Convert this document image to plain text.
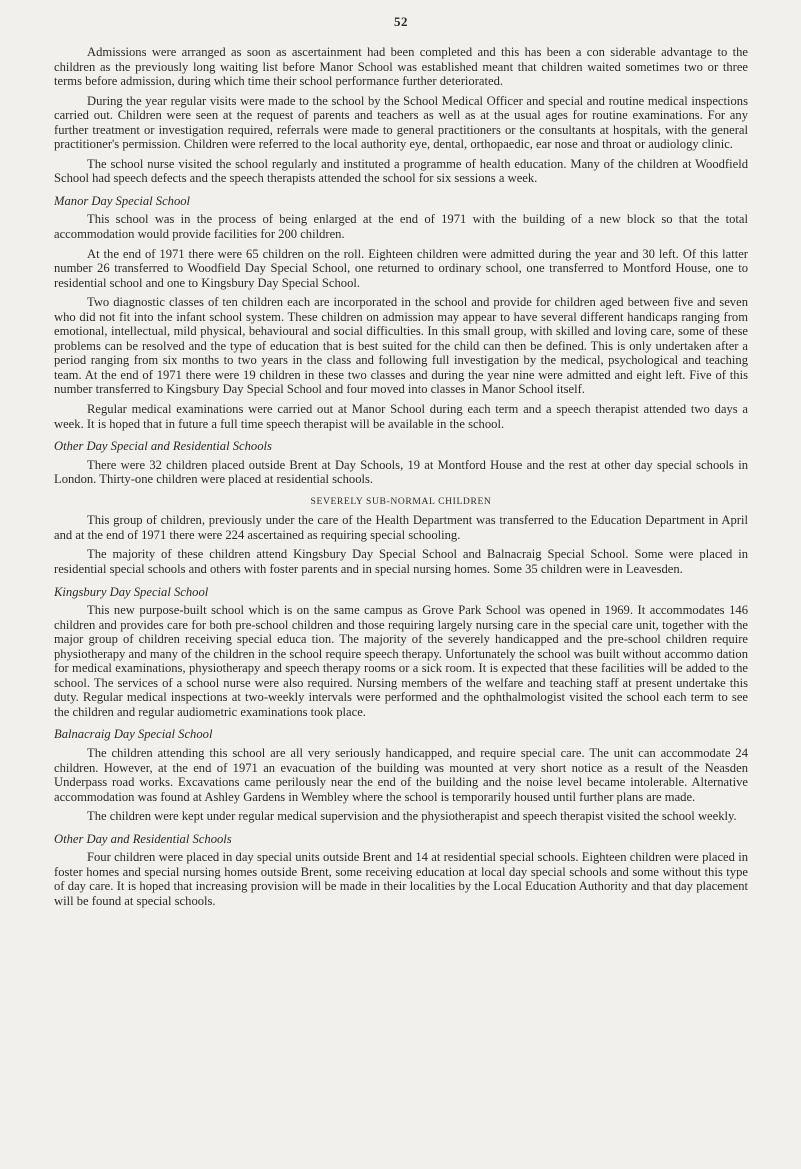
52

Admissions were arranged as soon as ascertainment had been completed and this has been a con siderable advantage to the children as the previously long waiting list before Manor School was established meant that children waited sometimes two or three terms before admission, during which time their school performance further deteriorated.

During the year regular visits were made to the school by the School Medical Officer and special and routine medical inspections carried out. Children were seen at the request of parents and teachers as well as at the usual ages for routine examinations. For any further treatment or investigation required, referrals were made to general practitioners or the consultants at hospitals, with the general practitioner's permission. Children were referred to the local authority eye, dental, orthopaedic, ear nose and throat or audiology clinic.

The school nurse visited the school regularly and instituted a programme of health education. Many of the children at Woodfield School had speech defects and the speech therapists attended the school for six sessions a week.

Manor Day Special School

This school was in the process of being enlarged at the end of 1971 with the building of a new block so that the total accommodation would provide facilities for 200 children.

At the end of 1971 there were 65 children on the roll. Eighteen children were admitted during the year and 30 left. Of this latter number 26 transferred to Woodfield Day Special School, one returned to ordinary school, one transferred to Montford House, one to residential school and one to Kingsbury Day Special School.

Two diagnostic classes of ten children each are incorporated in the school and provide for children aged between five and seven who did not fit into the infant school system. These children on admission may appear to have several different handicaps ranging from emotional, intellectual, mild physical, behavioural and social difficulties. In this small group, with skilled and loving care, some of these problems can be resolved and the type of education that is best suited for the child can then be defined. This is only undertaken after a period ranging from six months to two years in the class and following full investigation by the medical, psychological and teaching team. At the end of 1971 there were 19 children in these two classes and during the year nine were admitted and eight left. Five of this number transferred to Kingsbury Day Special School and four moved into classes in Manor School itself.

Regular medical examinations were carried out at Manor School during each term and a speech therapist attended two days a week. It is hoped that in future a full time speech therapist will be available in the school.

Other Day Special and Residential Schools

There were 32 children placed outside Brent at Day Schools, 19 at Montford House and the rest at other day special schools in London. Thirty-one children were placed at residential schools.

SEVERELY SUB-NORMAL CHILDREN

This group of children, previously under the care of the Health Department was transferred to the Education Department in April and at the end of 1971 there were 224 ascertained as requiring special schooling.

The majority of these children attend Kingsbury Day Special School and Balnacraig Special School. Some were placed in residential special schools and others with foster parents and in special nursing homes. Some 35 children were in Leavesden.

Kingsbury Day Special School

This new purpose-built school which is on the same campus as Grove Park School was opened in 1969. It accommodates 146 children and provides care for both pre-school children and those requiring largely nursing care in the special care unit, together with the major group of children receiving special educa tion. The majority of the severely handicapped and the pre-school children require physiotherapy and many of the children in the school require speech therapy. Unfortunately the school was built without accommo dation for medical examinations, physiotherapy and speech therapy rooms or a sick room. It is expected that these facilities will be added to the school. The services of a school nurse were also required. Nursing members of the welfare and teaching staff at present undertake this duty. Regular medical inspections at two-weekly intervals were performed and the ophthalmologist visited the school each term to see the children and regular audiometric examinations took place.

Balnacraig Day Special School

The children attending this school are all very seriously handicapped, and require special care. The unit can accommodate 24 children. However, at the end of 1971 an evacuation of the building was mounted at very short notice as a result of the Neasden Underpass road works. Excavations came perilously near the end of the building and the noise level became intolerable. Alternative accommodation was found at Ashley Gardens in Wembley where the school is temporarily housed until further plans are made.

The children were kept under regular medical supervision and the physiotherapist and speech therapist visited the school weekly.

Other Day and Residential Schools

Four children were placed in day special units outside Brent and 14 at residential special schools. Eighteen children were placed in foster homes and special nursing homes outside Brent, some receiving education at local day special schools and some without this type of day care. It is hoped that increasing provision will be made in their localities by the Local Education Authority and that day placement will be found at special schools.
